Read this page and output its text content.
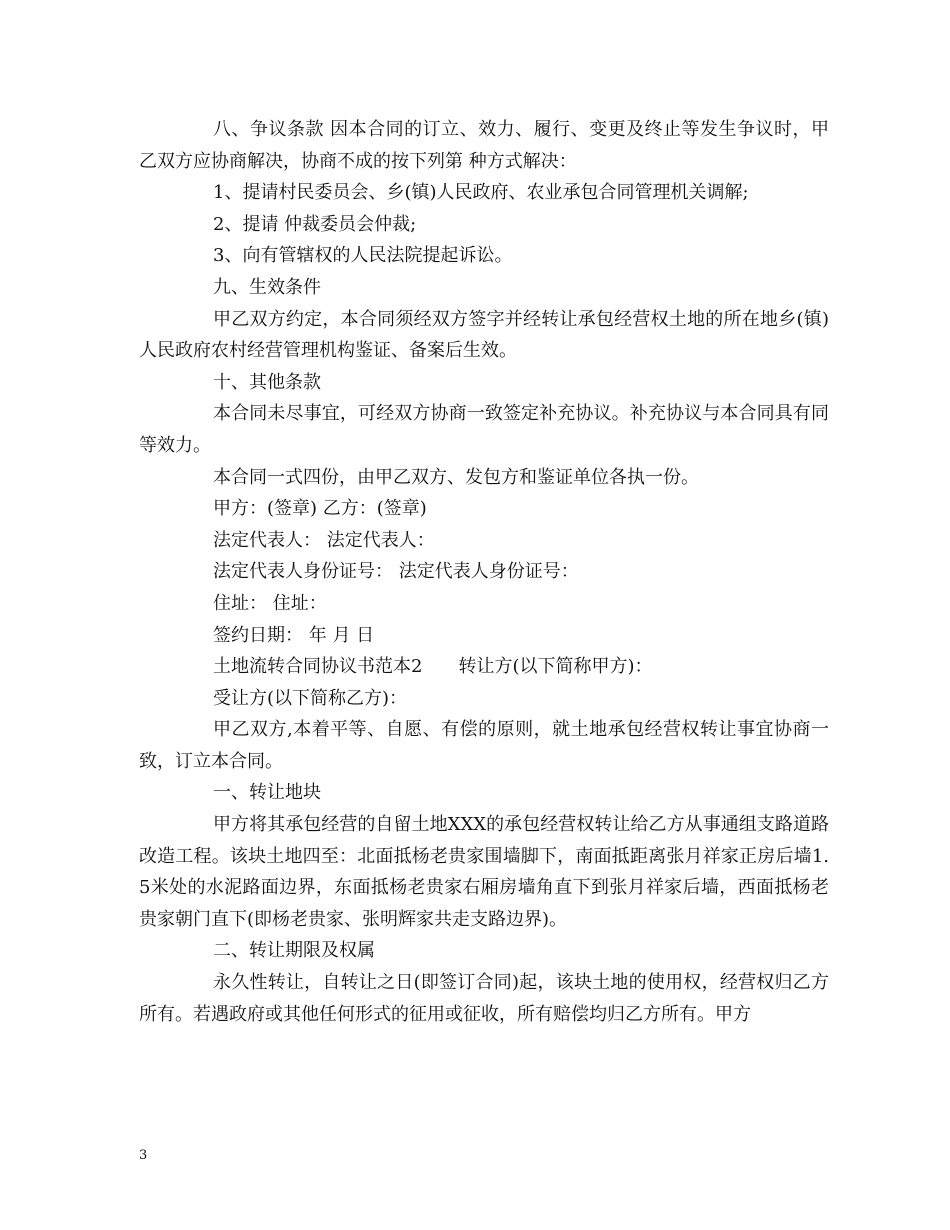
八、争议条款 因本合同的订立、效力、履行、变更及终止等发生争议时，甲乙双方应协商解决，协商不成的按下列第 种方式解决：

1、提请村民委员会、乡(镇)人民政府、农业承包合同管理机关调解;

2、提请 仲裁委员会仲裁;

3、向有管辖权的人民法院提起诉讼。

九、生效条件

甲乙双方约定，本合同须经双方签字并经转让承包经营权土地的所在地乡(镇)人民政府农村经营管理机构鉴证、备案后生效。

十、其他条款

本合同未尽事宜，可经双方协商一致签定补充协议。补充协议与本合同具有同等效力。

本合同一式四份，由甲乙双方、发包方和鉴证单位各执一份。

甲方：(签章) 乙方：(签章)

法定代表人： 法定代表人：

法定代表人身份证号： 法定代表人身份证号：

住址： 住址：

签约日期： 年 月 日

土地流转合同协议书范本2　　转让方(以下简称甲方)：

受让方(以下简称乙方)：

甲乙双方,本着平等、自愿、有偿的原则，就土地承包经营权转让事宜协商一致，订立本合同。

一、转让地块

甲方将其承包经营的自留土地XXX的承包经营权转让给乙方从事通组支路道路改造工程。该块土地四至：北面抵杨老贵家围墙脚下，南面抵距离张月祥家正房后墙1.5米处的水泥路面边界，东面抵杨老贵家右厢房墙角直下到张月祥家后墙，西面抵杨老贵家朝门直下(即杨老贵家、张明辉家共走支路边界)。

二、转让期限及权属

永久性转让，自转让之日(即签订合同)起，该块土地的使用权，经营权归乙方所有。若遇政府或其他任何形式的征用或征收，所有赔偿均归乙方所有。甲方

3
